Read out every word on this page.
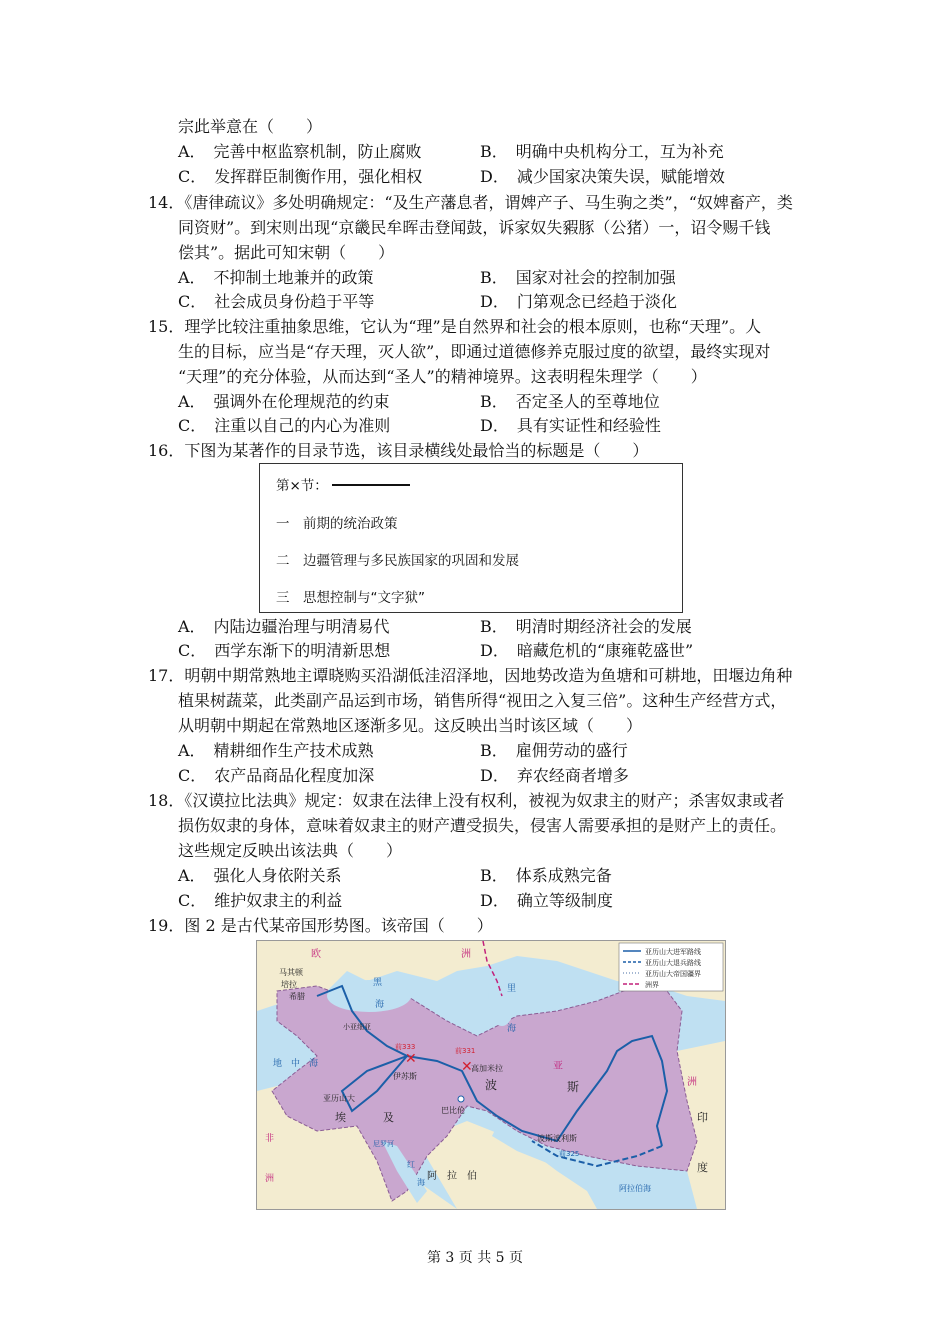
宗此举意在（　　）
A．　完善中枢监察机制，防止腐败	B．　明确中央机构分工，互为补充
C．　发挥群臣制衡作用，强化相权	D．　减少国家决策失误，赋能增效
14．《唐律疏议》多处明确规定：“及生产藩息者，谓婢产子、马生驹之类”，“奴婢畜产，类
同资财”。到宋则出现“京畿民牟晖击登闻鼓，诉家奴失豭豚（公猪）一，诏令赐千钱
偿其”。据此可知宋朝（　　）
A．　不抑制土地兼并的政策	B．　国家对社会的控制加强
C．　社会成员身份趋于平等	D．　门第观念已经趋于淡化
15．理学比较注重抽象思维，它认为“理”是自然界和社会的根本原则，也称“天理”。人
生的目标，应当是“存天理，灭人欲”，即通过道德修养克服过度的欲望，最终实现对
“天理”的充分体验，从而达到“圣人”的精神境界。这表明程朱理学（　　）
A．　强调外在伦理规范的约束	B．　否定圣人的至尊地位
C．　注重以自己的内心为准则	D．　具有实证性和经验性
16．下图为某著作的目录节选，该目录横线处最恰当的标题是（　　）
第×节：
一　前期的统治政策
二　边疆管理与多民族国家的巩固和发展
三　思想控制与“文字狱”
A．　内陆边疆治理与明清易代	B．　明清时期经济社会的发展
C．　西学东渐下的明清新思想	D．　暗藏危机的“康雍乾盛世”
17．明朝中期常熟地主谭晓购买沿湖低洼沼泽地，因地势改造为鱼塘和可耕地，田堰边角种
植果树蔬菜，此类副产品运到市场，销售所得“视田之入复三倍”。这种生产经营方式，
从明朝中期起在常熟地区逐渐多见。这反映出当时该区域（　　）
A．　精耕细作生产技术成熟	B．　雇佣劳动的盛行
C．　农产品商品化程度加深	D．　弃农经商者增多
18．《汉谟拉比法典》规定：奴隶在法律上没有权利，被视为奴隶主的财产；杀害奴隶或者
损伤奴隶的身体，意味着奴隶主的财产遭受损失，侵害人需要承担的是财产上的责任。
这些规定反映出该法典（　　）
A．　强化人身依附关系	B．　体系成熟完备
C．　维护奴隶主的利益	D．　确立等级制度
19．图 2 是古代某帝国形势图。该帝国（　　）
亚历山大进军路线
亚历山大退兵路线
亚历山大帝国疆界
洲界
✕	✕
欧	洲
马其顿
培拉
希腊
小亚细亚
前333
伊苏斯
前331
高加米拉
巴比伦
波斯波利斯
前325
亚历山大
埃	及
波	斯
阿　拉　伯
非
洲
亚
洲
印
度
黑
海
地 中 海
里
海
红
海
阿拉伯海
尼罗河
第 3 页 共 5 页
